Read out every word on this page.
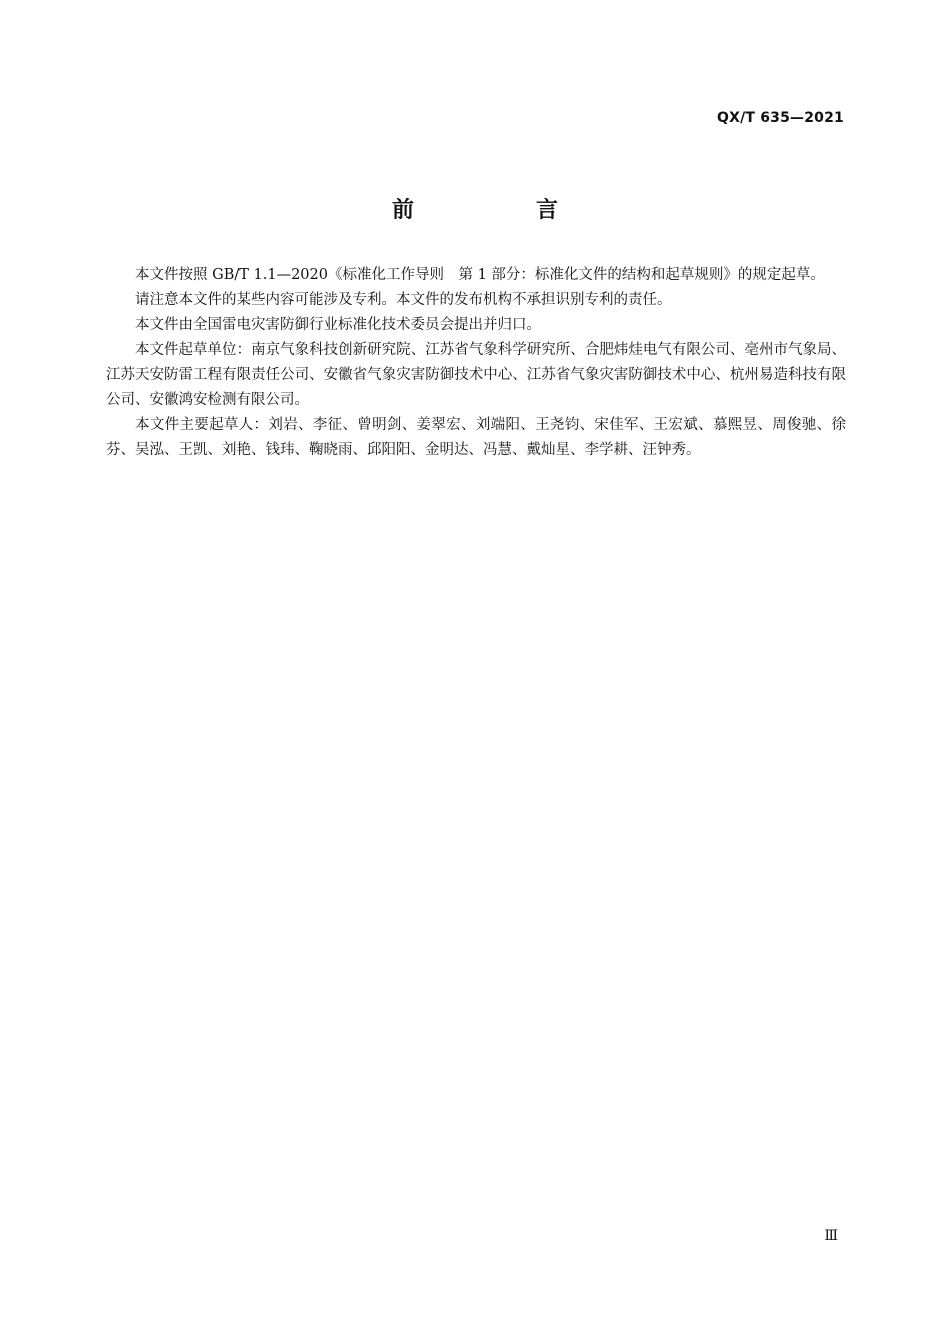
QX/T 635—2021
前　言

本文件按照 GB/T 1.1—2020《标准化工作导则　第 1 部分：标准化文件的结构和起草规则》的规定起草。

请注意本文件的某些内容可能涉及专利。本文件的发布机构不承担识别专利的责任。

本文件由全国雷电灾害防御行业标准化技术委员会提出并归口。

本文件起草单位：南京气象科技创新研究院、江苏省气象科学研究所、合肥炜烓电气有限公司、亳州市气象局、江苏天安防雷工程有限责任公司、安徽省气象灾害防御技术中心、江苏省气象灾害防御技术中心、杭州易造科技有限公司、安徽鸿安检测有限公司。

本文件主要起草人：刘岩、李征、曾明剑、姜翠宏、刘端阳、王尧钧、宋佳军、王宏斌、慕熙昱、周俊驰、徐芬、吴泓、王凯、刘艳、钱玮、鞠晓雨、邱阳阳、金明达、冯慧、戴灿星、李学耕、汪钟秀。

Ⅲ
